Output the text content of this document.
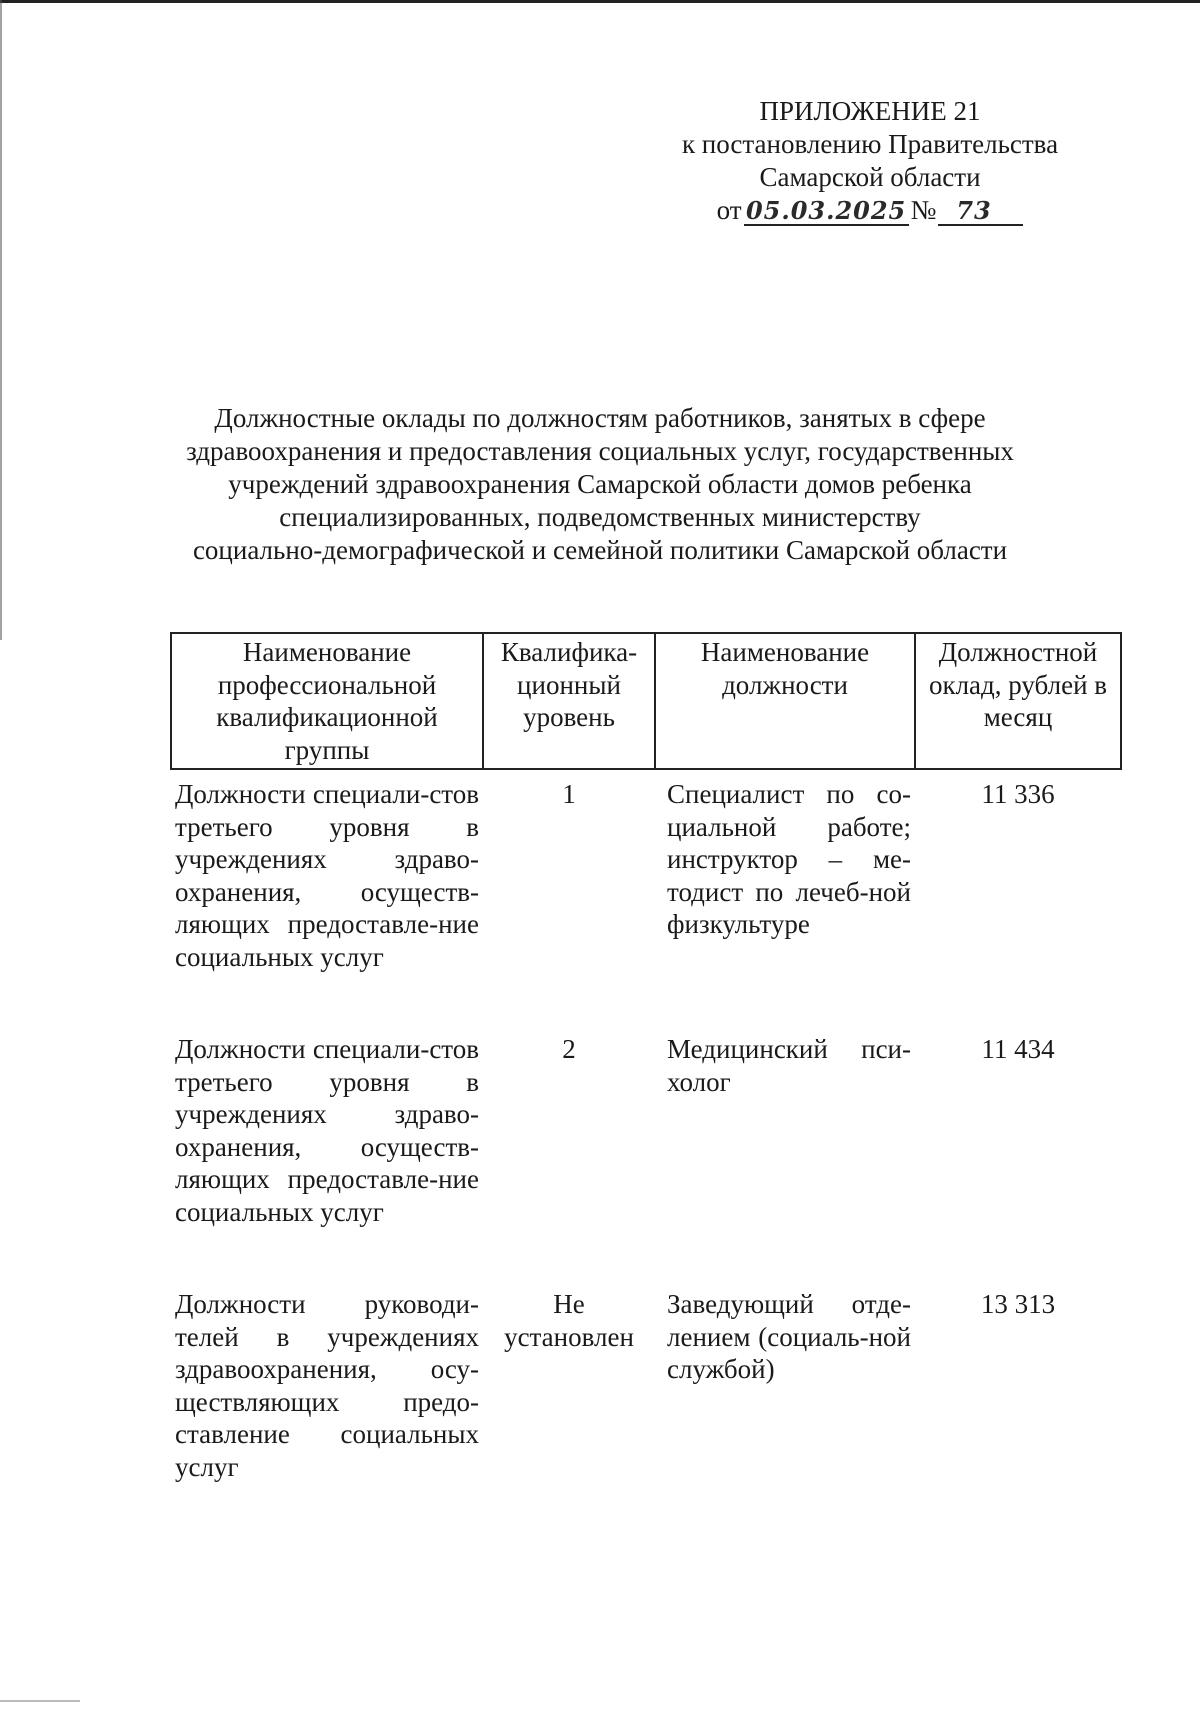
ПРИЛОЖЕНИЕ 21
к постановлению Правительства
Самарской области
от 05.03.2025 № 73
Должностные оклады по должностям работников, занятых в сфере
здравоохранения и предоставления социальных услуг, государственных
учреждений здравоохранения Самарской области домов ребенка
специализированных, подведомственных министерству
социально-демографической и семейной политики Самарской области
Наименование профессиональной квалификационной группы	Квалифика-ционный уровень	Наименование должности	Должностной оклад, рублей в месяц
Должности специали-стов третьего уровня в учреждениях здраво-охранения, осуществ-ляющих предоставле-ние социальных услуг	1	Специалист по со-циальной работе; инструктор – ме-тодист по лечеб-ной физкультуре	11 336
Должности специали-стов третьего уровня в учреждениях здраво-охранения, осуществ-ляющих предоставле-ние социальных услуг	2	Медицинский пси-холог	11 434
Должности руководи-телей в учреждениях здравоохранения, осу-ществляющих предо-ставление социальных услуг	Не установлен	Заведующий отде-лением (социаль-ной службой)	13 313
